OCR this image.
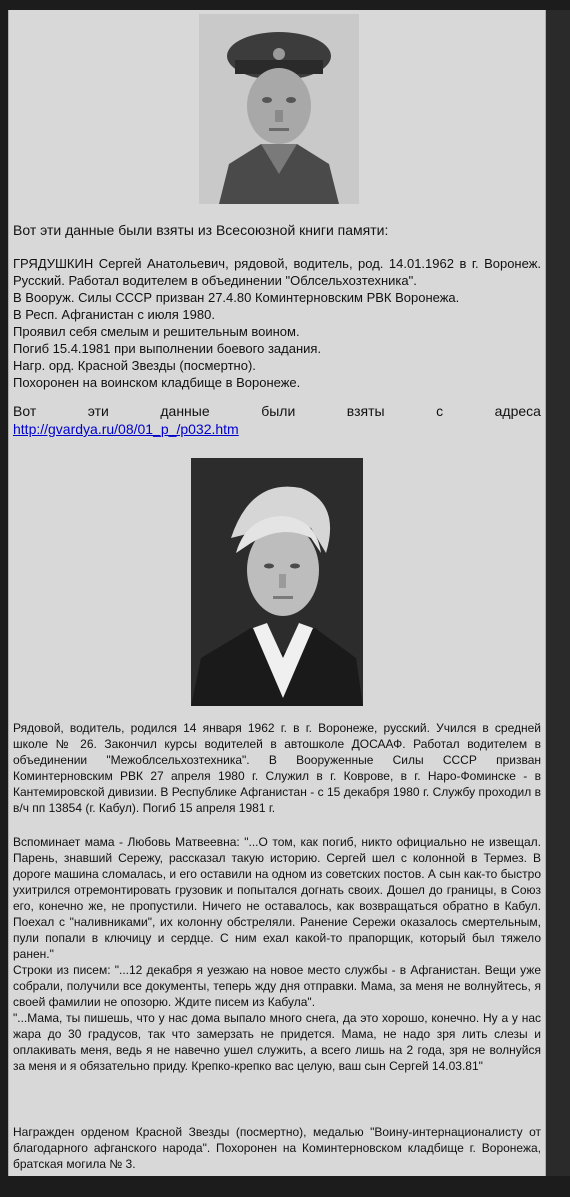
Вот эти данные были взяты из Всесоюзной книги памяти:
ГРЯДУШКИН Сергей Анатольевич, рядовой, водитель, род. 14.01.1962 в г. Воронеж. Русский. Работал водителем в объединении "Облсельхозтехника".
В Вооруж. Силы СССР призван 27.4.80 Коминтерновским РВК Воронежа.
В Респ. Афганистан с июля 1980.
Проявил себя смелым и решительным воином.
Погиб 15.4.1981 при выполнении боевого задания.
Нагр. орд. Красной Звезды (посмертно).
Похоронен на воинском кладбище в Воронеже.
Вот	эти	данные	были	взяты	с	адреса
http://gvardya.ru/08/01_p_/p032.htm

Рядовой, водитель, родился 14 января 1962 г. в г. Воронеже, русский. Учился в средней школе № 26. Закончил курсы водителей в автошколе ДОСААФ. Работал водителем в объединении "Межоблсельхозтехника". В Вооруженные Силы СССР призван Коминтерновским РВК 27 апреля 1980 г. Служил в г. Коврове, в г. Наро-Фоминске - в Кантемировской дивизии. В Республике Афганистан - с 15 декабря 1980 г. Службу проходил в в/ч пп 13854 (г. Кабул). Погиб 15 апреля 1981 г.

Вспоминает мама - Любовь Матвеевна: "...О том, как погиб, никто официально не извещал. Парень, знавший Сережу, рассказал такую историю. Сергей шел с колонной в Термез. В дороге машина сломалась, и его оставили на одном из советских постов. А сын как-то быстро ухитрился отремонтировать грузовик и попытался догнать своих. Дошел до границы, в Союз его, конечно же, не пропустили. Ничего не оставалось, как возвращаться обратно в Кабул. Поехал с "наливниками", их колонну обстреляли. Ранение Сережи оказалось смертельным, пули попали в ключицу и сердце. С ним ехал какой-то прапорщик, который был тяжело ранен."

Строки из писем: "...12 декабря я уезжаю на новое место службы - в Афганистан. Вещи уже собрали, получили все документы, теперь жду дня отправки. Мама, за меня не волнуйтесь, я своей фамилии не опозорю. Ждите писем из Кабула".

"...Мама, ты пишешь, что у нас дома выпало много снега, да это хорошо, конечно. Ну а у нас жара до 30 градусов, так что замерзать не придется. Мама, не надо зря лить слезы и оплакивать меня, ведь я не навечно ушел служить, а всего лишь на 2 года, зря не волнуйся за меня и я обязательно приду. Крепко-крепко вас целую, ваш сын Сергей 14.03.81"

Награжден орденом Красной Звезды (посмертно), медалью "Воину-интернационалисту от благодарного афганского народа". Похоронен на Коминтерновском кладбище г. Воронежа, братская могила № 3.
